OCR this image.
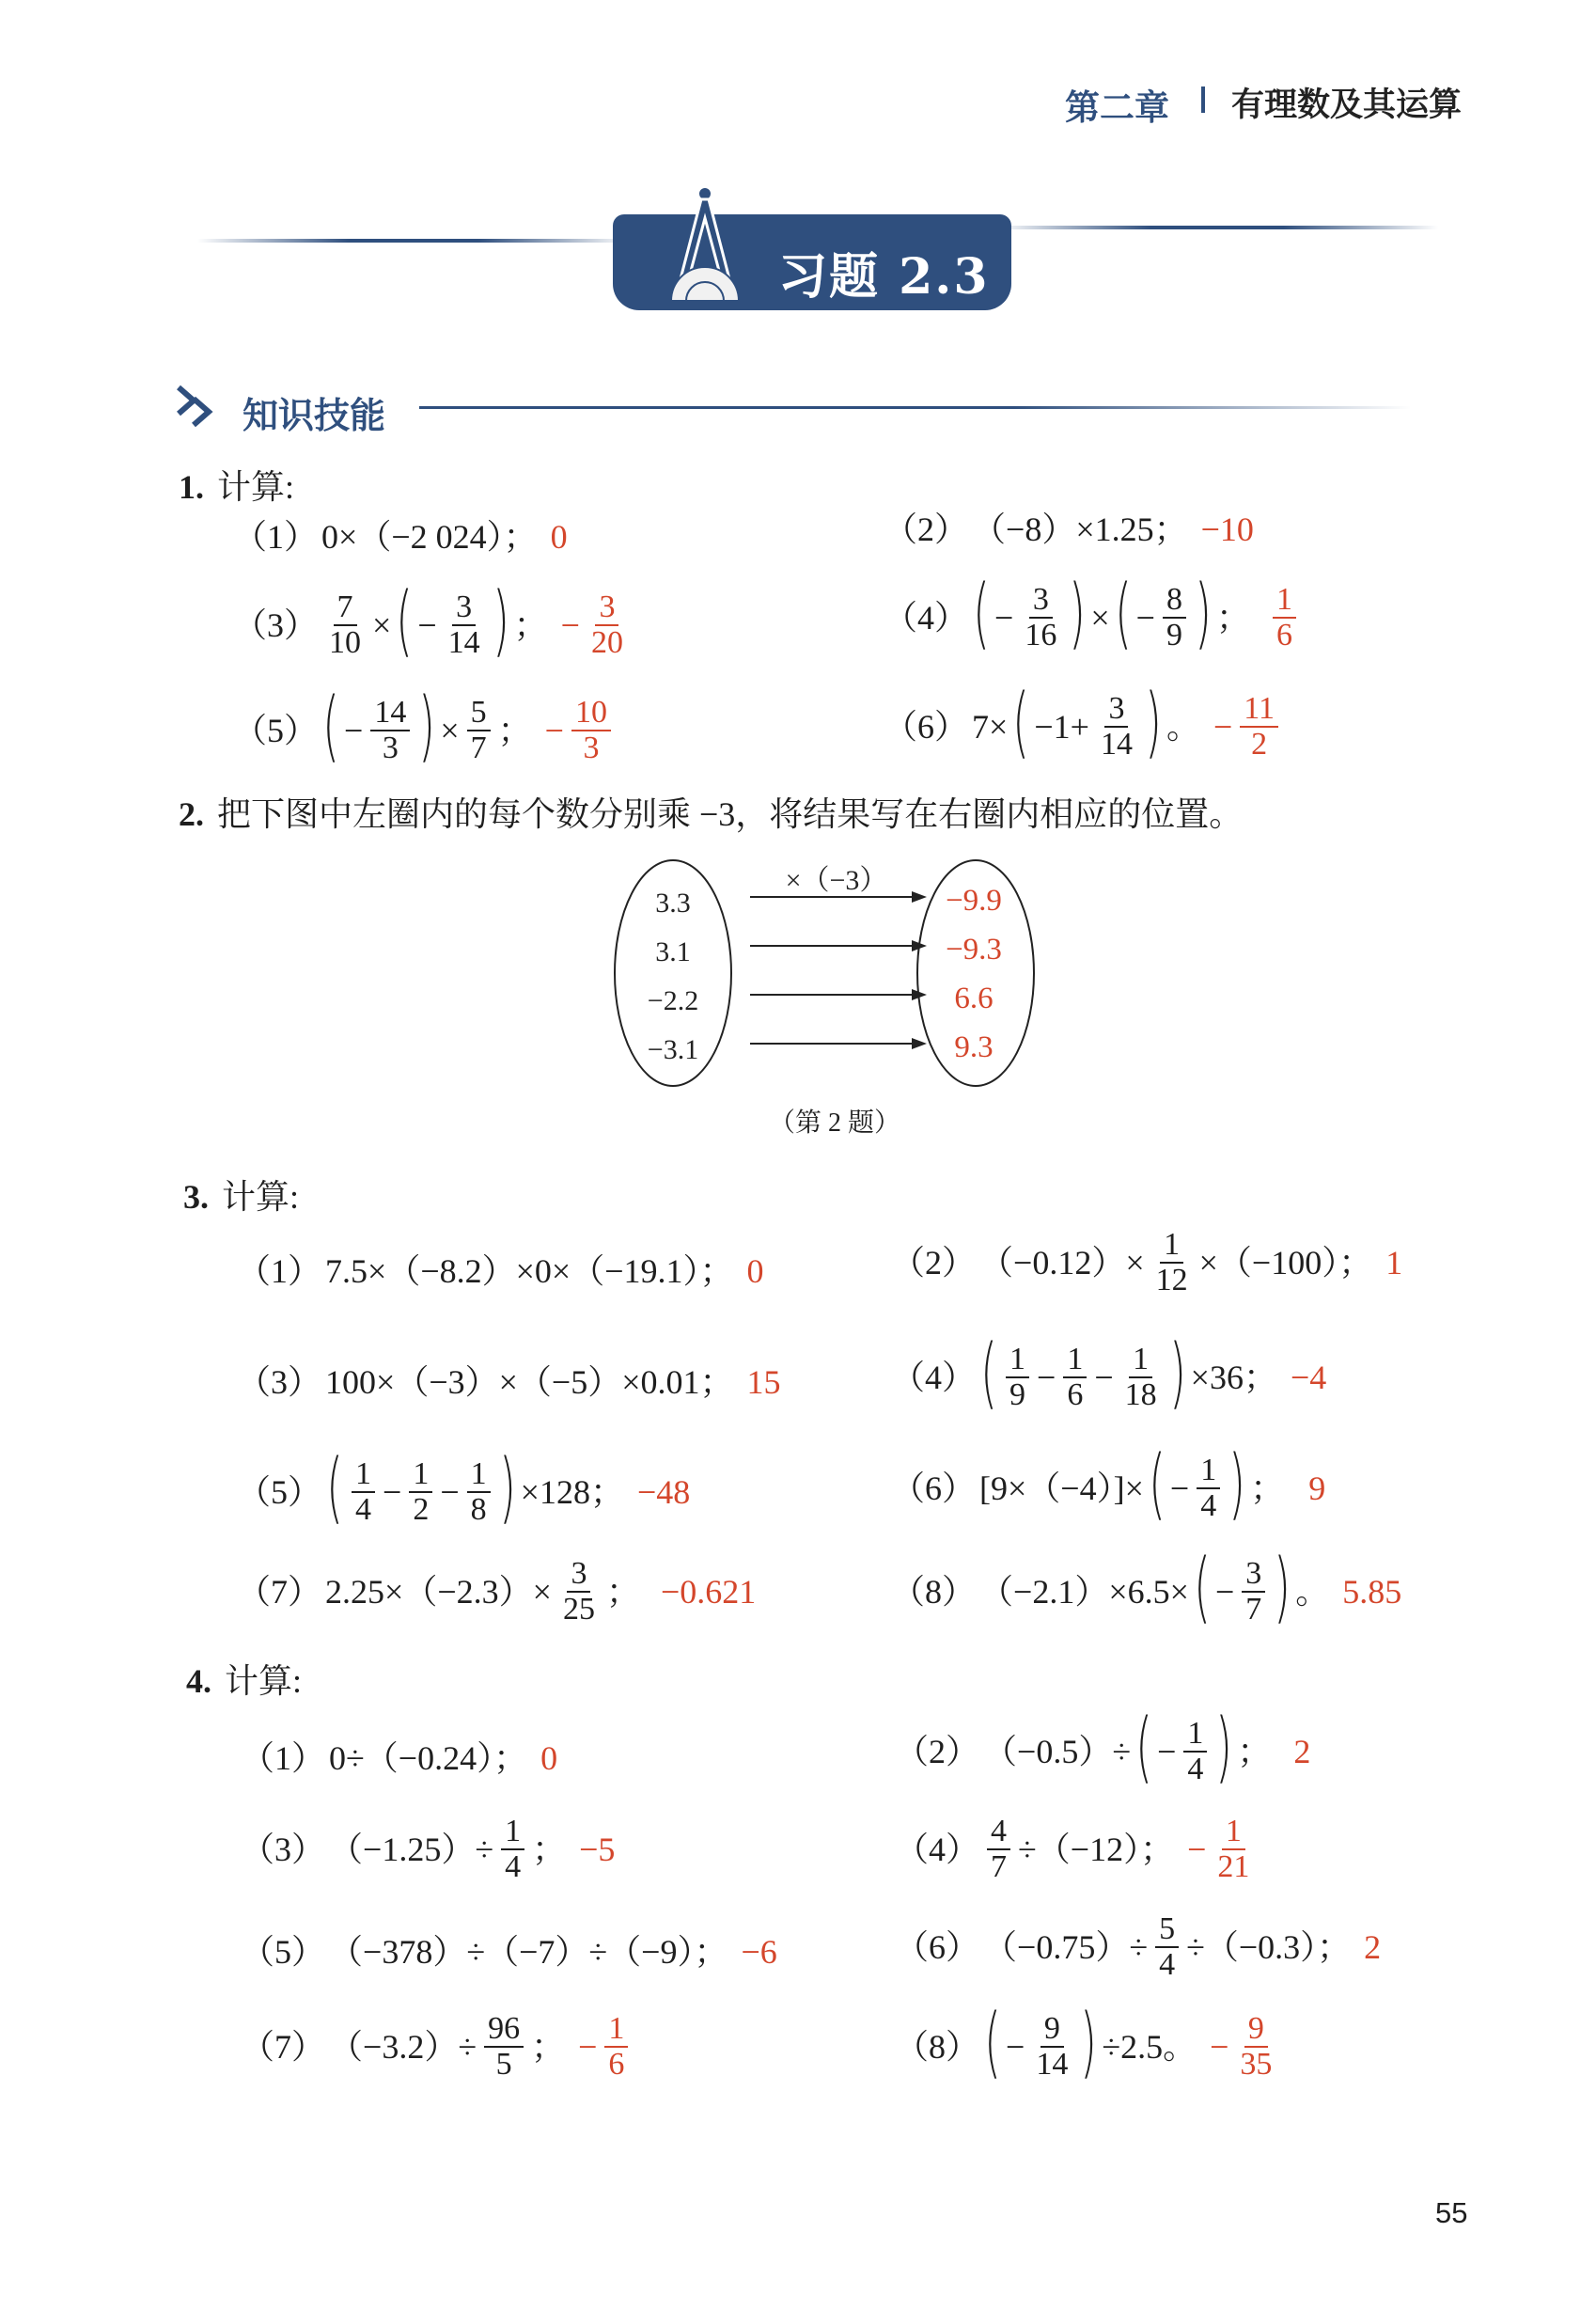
第二章 有理数及其运算
习题 2.3
知识技能
1. 计算:
（1） 0×（−2 024）； 0	（2） （−8）×1.25； −10
$(3) \frac{7}{10}$ × ( − $\frac{3}{14}$ ) ； − $\frac{3}{20}$	（4） ( − $\frac{3}{16}$ ) × ( − $\frac{8}{9}$ ) ； $\frac{1}{6}$
（5） ( − $\frac{14}{3}$ ) × $\frac{5}{7}$ ； − $\frac{10}{3}$	（6） 7× ( $-1+ \frac{3}{14}$ ) 。 − $\frac{11}{2}$
2. 把下图中左圈内的每个数分别乘 −3，将结果写在右圈内相应的位置。
×（−3）
3.3
3.1
−2.2
−3.1
−9.9
−9.3
6.6
9.3
（第 2 题）
3. 计算:
（1） 7.5×（−8.2）×0×（−19.1）； 0	（2） $(-0.12)\times \frac{1}{12} \times(-100)$； 1
（3） 100×（−3）×（−5）×0.01； 15	（4） ( $\frac{1}{9} - \frac{1}{6} - \frac{1}{18}$ ) ×36； −4
（5） ( $\frac{1}{4} - \frac{1}{2} - \frac{1}{8}$ ) ×128； −48	（6） [9×（−4）]× ( − $\frac{1}{4}$ ) ； 9
（7） $2.25\times(-2.3)\times \frac{3}{25}$ ； −0.621	（8） （−2.1）×6.5× ( − $\frac{3}{7}$ ) 。 5.85
4. 计算:
（1） 0÷（−0.24）； 0	（2） （−0.5）÷ ( − $\frac{1}{4}$ ) ； 2
（3） $(-1.25)\div \frac{1}{4}$ ； −5	$(4) \frac{4}{7} \div(-12)$； − $\frac{1}{21}$
（5） （−378）÷（−7）÷（−9）； −6	（6） $(-0.75)\div \frac{5}{4} \div(-0.3)$； 2
（7） $(-3.2)\div \frac{96}{5}$ ； − $\frac{1}{6}$	（8） ( − $\frac{9}{14}$ ) ÷2.5。 − $\frac{9}{35}$
55
